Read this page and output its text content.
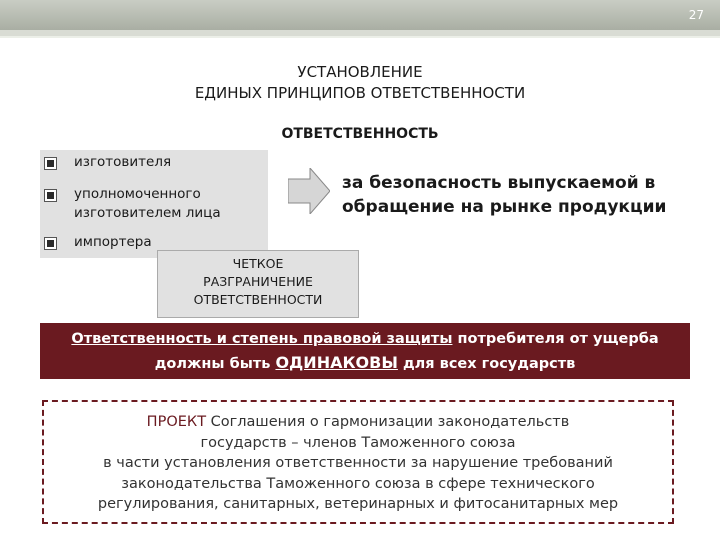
27
УСТАНОВЛЕНИЕ
ЕДИНЫХ ПРИНЦИПОВ ОТВЕТСТВЕННОСТИ
ОТВЕТСТВЕННОСТЬ
изготовителя
уполномоченного
изготовителем лица
импортера
за безопасность выпускаемой в
обращение на рынке продукции
ЧЕТКОЕ
РАЗГРАНИЧЕНИЕ
ОТВЕТСТВЕННОСТИ
Ответственность и степень правовой защиты потребителя от ущерба
должны быть ОДИНАКОВЫ для всех государств
ПРОЕКТ Соглашения о гармонизации законодательств
государств – членов Таможенного союза
в части установления ответственности за нарушение требований
законодательства Таможенного союза в сфере технического
регулирования, санитарных, ветеринарных и фитосанитарных мер
